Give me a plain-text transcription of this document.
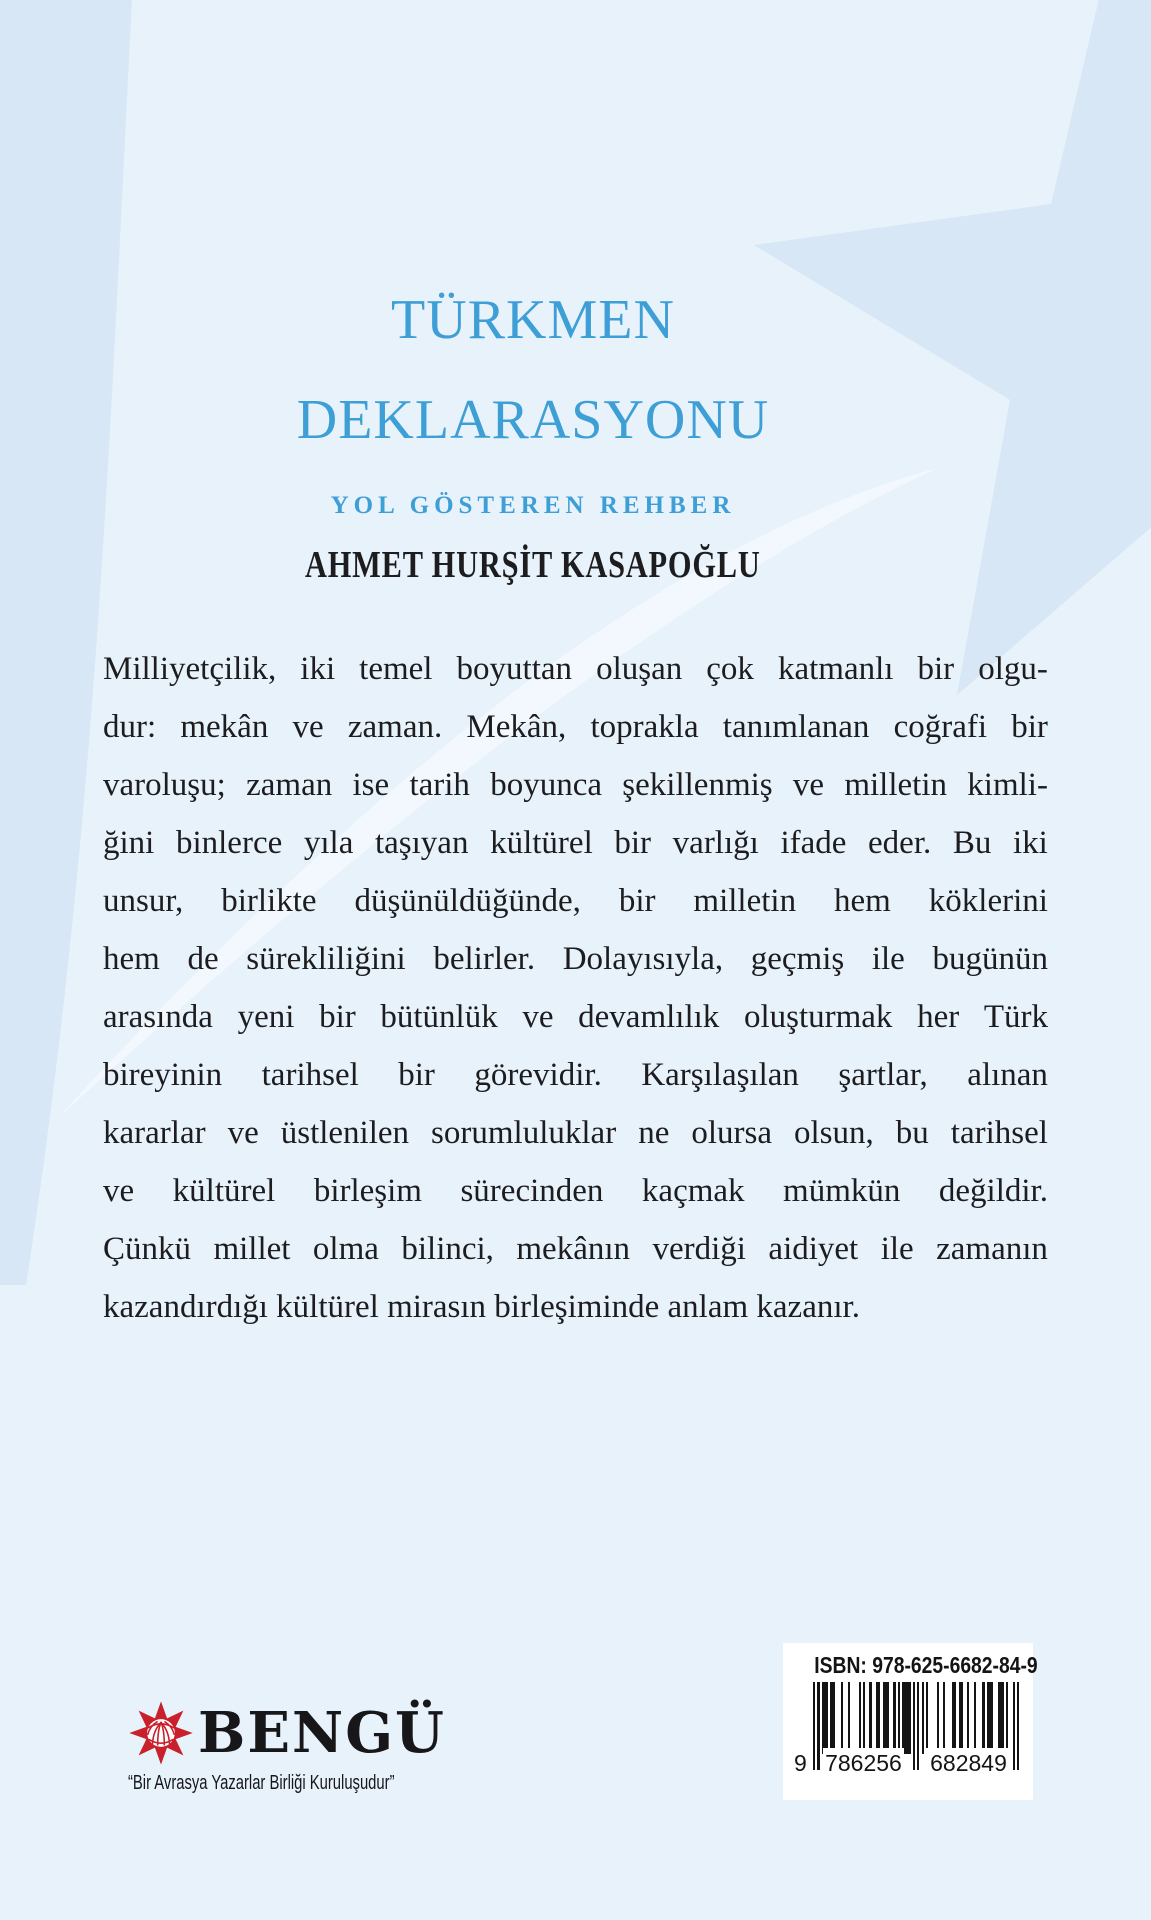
TÜRKMEN
DEKLARASYONU
YOL GÖSTEREN REHBER
AHMET HURŞİT KASAPOĞLU
Milliyetçilik, iki temel boyuttan oluşan çok katmanlı bir olgu-
dur: mekân ve zaman. Mekân, toprakla tanımlanan coğrafi bir
varoluşu; zaman ise tarih boyunca şekillenmiş ve milletin kimli-
ğini binlerce yıla taşıyan kültürel bir varlığı ifade eder. Bu iki
unsur, birlikte düşünüldüğünde, bir milletin hem köklerini
hem de sürekliliğini belirler. Dolayısıyla, geçmiş ile bugünün
arasında yeni bir bütünlük ve devamlılık oluşturmak her Türk
bireyinin tarihsel bir görevidir. Karşılaşılan şartlar, alınan
kararlar ve üstlenilen sorumluluklar ne olursa olsun, bu tarihsel
ve kültürel birleşim sürecinden kaçmak mümkün değildir.
Çünkü millet olma bilinci, mekânın verdiği aidiyet ile zamanın
kazandırdığı kültürel mirasın birleşiminde anlam kazanır.
BENGÜ
“Bir Avrasya Yazarlar Birliği Kuruluşudur”
ISBN: 978-625-6682-84-9
9 786256 682849
